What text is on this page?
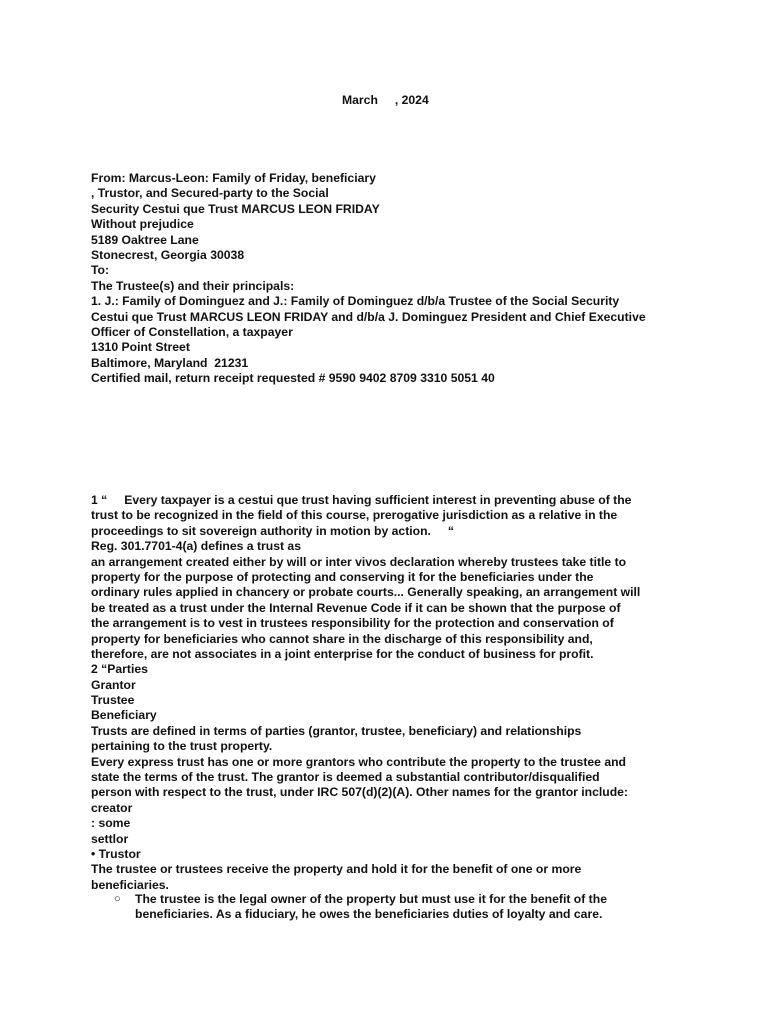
March , 2024
From: Marcus-Leon: Family of Friday, beneficiary
, Trustor, and Secured-party to the Social
Security Cestui que Trust MARCUS LEON FRIDAY
Without prejudice
5189 Oaktree Lane
Stonecrest, Georgia 30038
To:
The Trustee(s) and their principals:
1. J.: Family of Dominguez and J.: Family of Dominguez d/b/a Trustee of the Social Security
Cestui que Trust MARCUS LEON FRIDAY and d/b/a J. Dominguez President and Chief Executive
Officer of Constellation, a taxpayer
1310 Point Street
Baltimore, Maryland  21231
Certified mail, return receipt requested # 9590 9402 8709 3310 5051 40
1 “     Every taxpayer is a cestui que trust having sufficient interest in preventing abuse of the
trust to be recognized in the field of this course, prerogative jurisdiction as a relative in the
proceedings to sit sovereign authority in motion by action.     “
Reg. 301.7701-4(a) defines a trust as
an arrangement created either by will or inter vivos declaration whereby trustees take title to
property for the purpose of protecting and conserving it for the beneficiaries under the
ordinary rules applied in chancery or probate courts... Generally speaking, an arrangement will
be treated as a trust under the Internal Revenue Code if it can be shown that the purpose of
the arrangement is to vest in trustees responsibility for the protection and conservation of
property for beneficiaries who cannot share in the discharge of this responsibility and,
therefore, are not associates in a joint enterprise for the conduct of business for profit.
2 “Parties
Grantor
Trustee
Beneficiary
Trusts are defined in terms of parties (grantor, trustee, beneficiary) and relationships
pertaining to the trust property.
Every express trust has one or more grantors who contribute the property to the trustee and
state the terms of the trust. The grantor is deemed a substantial contributor/disqualified
person with respect to the trust, under IRC 507(d)(2)(A). Other names for the grantor include:
creator
: some
settlor
• Trustor
The trustee or trustees receive the property and hold it for the benefit of one or more
beneficiaries.
○ The trustee is the legal owner of the property but must use it for the benefit of the
beneficiaries. As a fiduciary, he owes the beneficiaries duties of loyalty and care.
